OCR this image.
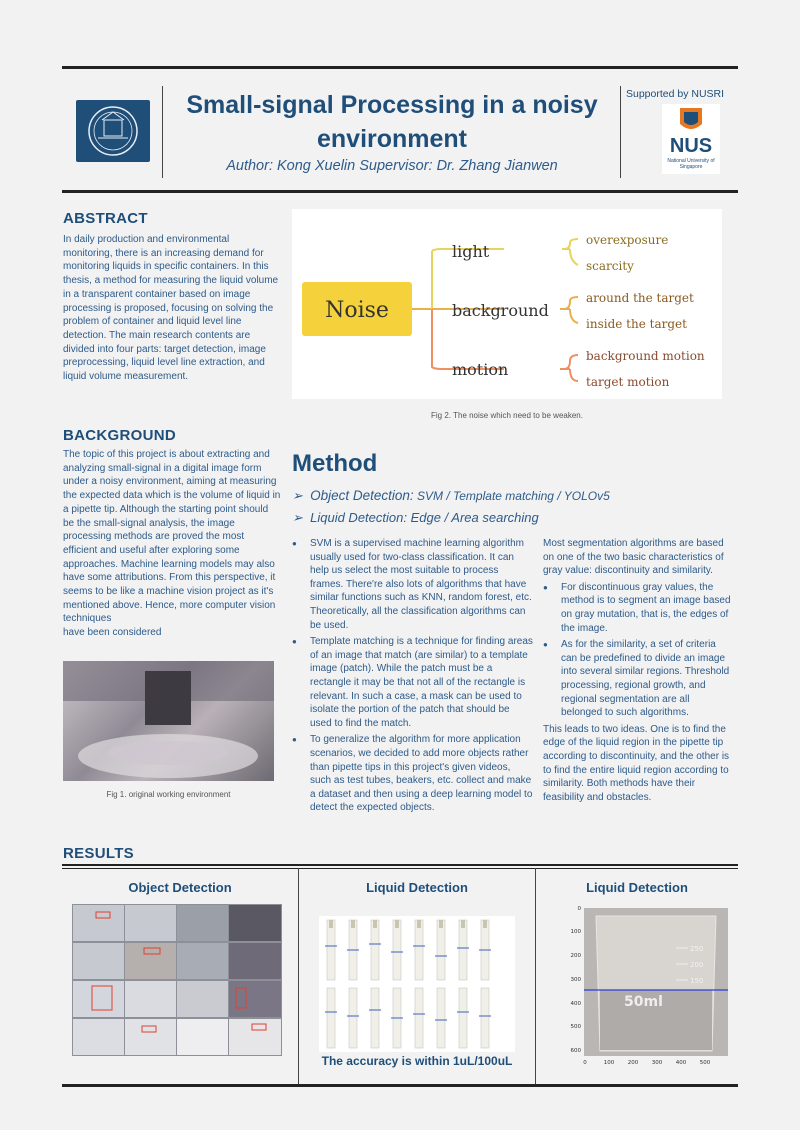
Small-signal Processing in a noisy environment
Author: Kong Xuelin Supervisor: Dr. Zhang Jianwen
Supported by NUSRI
NUS
National University of Singapore
ABSTRACT
In daily production and environmental monitoring, there is an increasing demand for monitoring liquids in specific containers. In this thesis, a method for measuring the liquid volume in a transparent container based on image processing is proposed, focusing on solving the problem of container and liquid level line detection. The main research contents are divided into four parts: target detection, image preprocessing, liquid level line extraction, and liquid volume measurement.
Noise
light
background
motion
overexposure
scarcity
around the target
inside the target
background motion
target motion
Fig 2. The noise which need to be weaken.
BACKGROUND
The topic of this project is about extracting and analyzing small-signal in a digital image form under a noisy environment, aiming at measuring the expected data which is the volume of liquid in a pipette tip. Although the starting point should be the small-signal analysis, the image processing methods are proved the most efficient and useful after exploring some approaches. Machine learning models may also have some attributions. From this perspective, it seems to be like a machine vision project as it's mentioned above. Hence, more computer vision techniques
have been considered
Fig 1. original working environment
Method
➢  Object Detection: SVM / Template matching / YOLOv5
➢  Liquid Detection: Edge / Area searching
● SVM is a supervised machine learning algorithm usually used for two-class classification. It can help us select the most suitable to process frames. There're also lots of algorithms that have similar functions such as KNN, random forest, etc. Theoretically, all the classification algorithms can be used.
● Template matching is a technique for finding areas of an image that match (are similar) to a template image (patch). While the patch must be a rectangle it may be that not all of the rectangle is relevant. In such a case, a mask can be used to isolate the portion of the patch that should be used to find the match.
● To generalize the algorithm for more application scenarios, we decided to add more objects rather than pipette tips in this project's given videos, such as test tubes, beakers, etc. collect and make a dataset and then using a deep learning model to detect the expected objects.
Most segmentation algorithms are based on one of the two basic characteristics of gray value: discontinuity and similarity.
● For discontinuous gray values, the method is to segment an image based on gray mutation, that is, the edges of the image.
● As for the similarity, a set of criteria can be predefined to divide an image into several similar regions. Threshold processing, regional growth, and regional segmentation are all belonged to such algorithms.
This leads to two ideas. One is to find the edge of the liquid region in the pipette tip according to discontinuity, and the other is to find the entire liquid region according to similarity. Both methods have their feasibility and obstacles.
RESULTS
Object Detection	Liquid Detection
The accuracy is within 1uL/100uL
Liquid Detection
250
200
150
50ml
0
100
200
300
400
500
600
0	100 200 300 400 500
